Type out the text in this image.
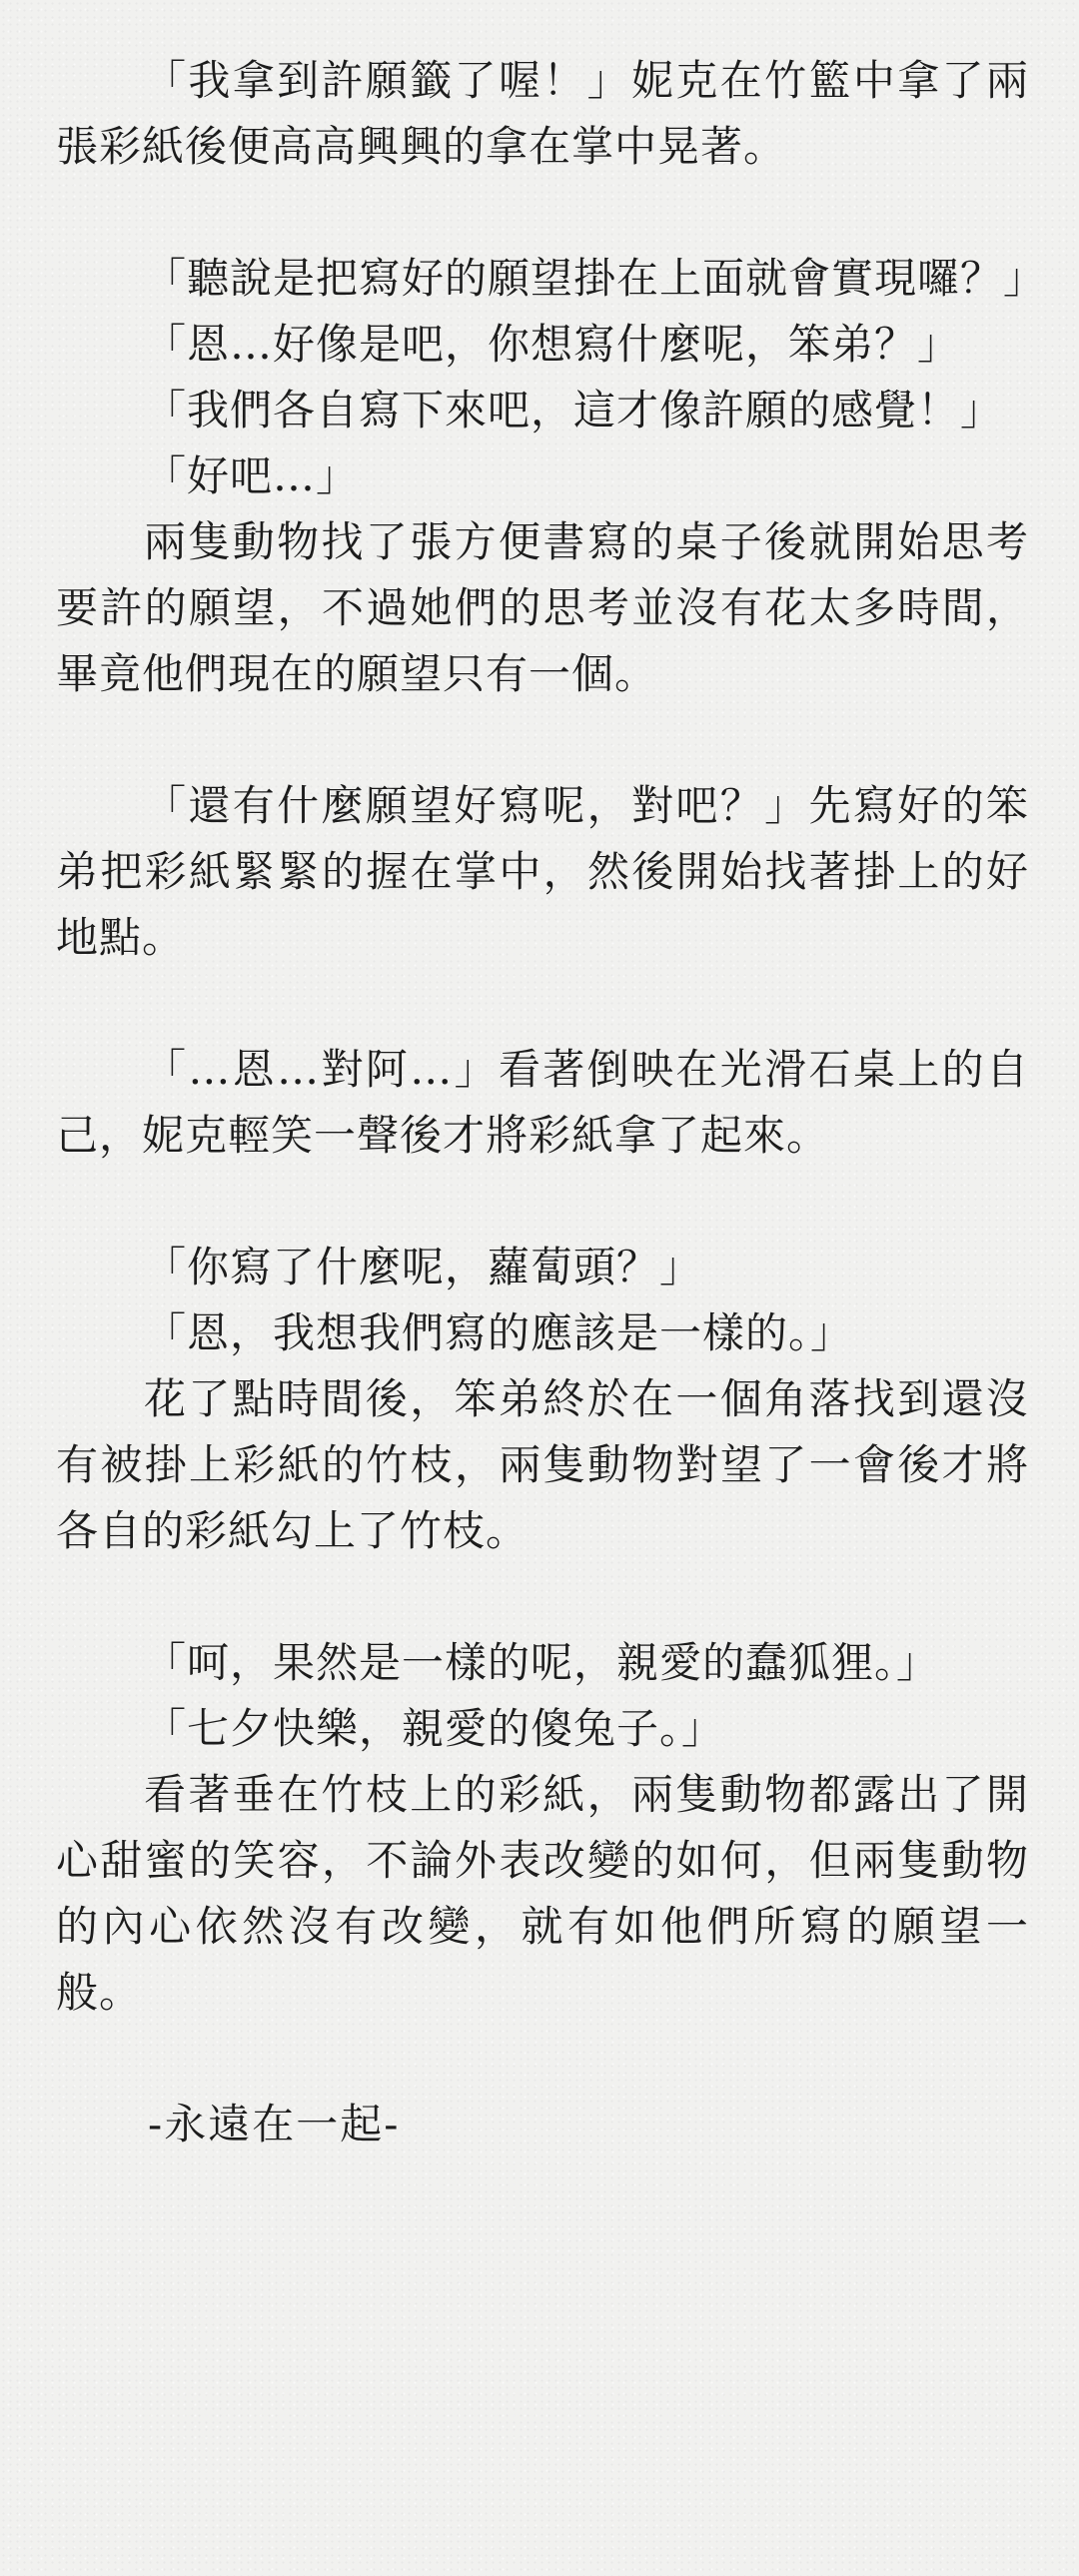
「我拿到許願籤了喔！」妮克在竹籃中拿了兩張彩紙後便高高興興的拿在掌中晃著。

「聽說是把寫好的願望掛在上面就會實現囉？」

「恩…好像是吧，你想寫什麼呢，笨弟？」

「我們各自寫下來吧，這才像許願的感覺！」

「好吧…」

兩隻動物找了張方便書寫的桌子後就開始思考要許的願望，不過她們的思考並沒有花太多時間，畢竟他們現在的願望只有一個。

「還有什麼願望好寫呢，對吧？」先寫好的笨弟把彩紙緊緊的握在掌中，然後開始找著掛上的好地點。

「…恩…對阿…」看著倒映在光滑石桌上的自己，妮克輕笑一聲後才將彩紙拿了起來。

「你寫了什麼呢，蘿蔔頭？」

「恩，我想我們寫的應該是一樣的。」

花了點時間後，笨弟終於在一個角落找到還沒有被掛上彩紙的竹枝，兩隻動物對望了一會後才將各自的彩紙勾上了竹枝。

「呵，果然是一樣的呢，親愛的蠢狐狸。」

「七夕快樂，親愛的傻兔子。」

看著垂在竹枝上的彩紙，兩隻動物都露出了開心甜蜜的笑容，不論外表改變的如何，但兩隻動物的內心依然沒有改變，就有如他們所寫的願望一般。

-永遠在一起-
